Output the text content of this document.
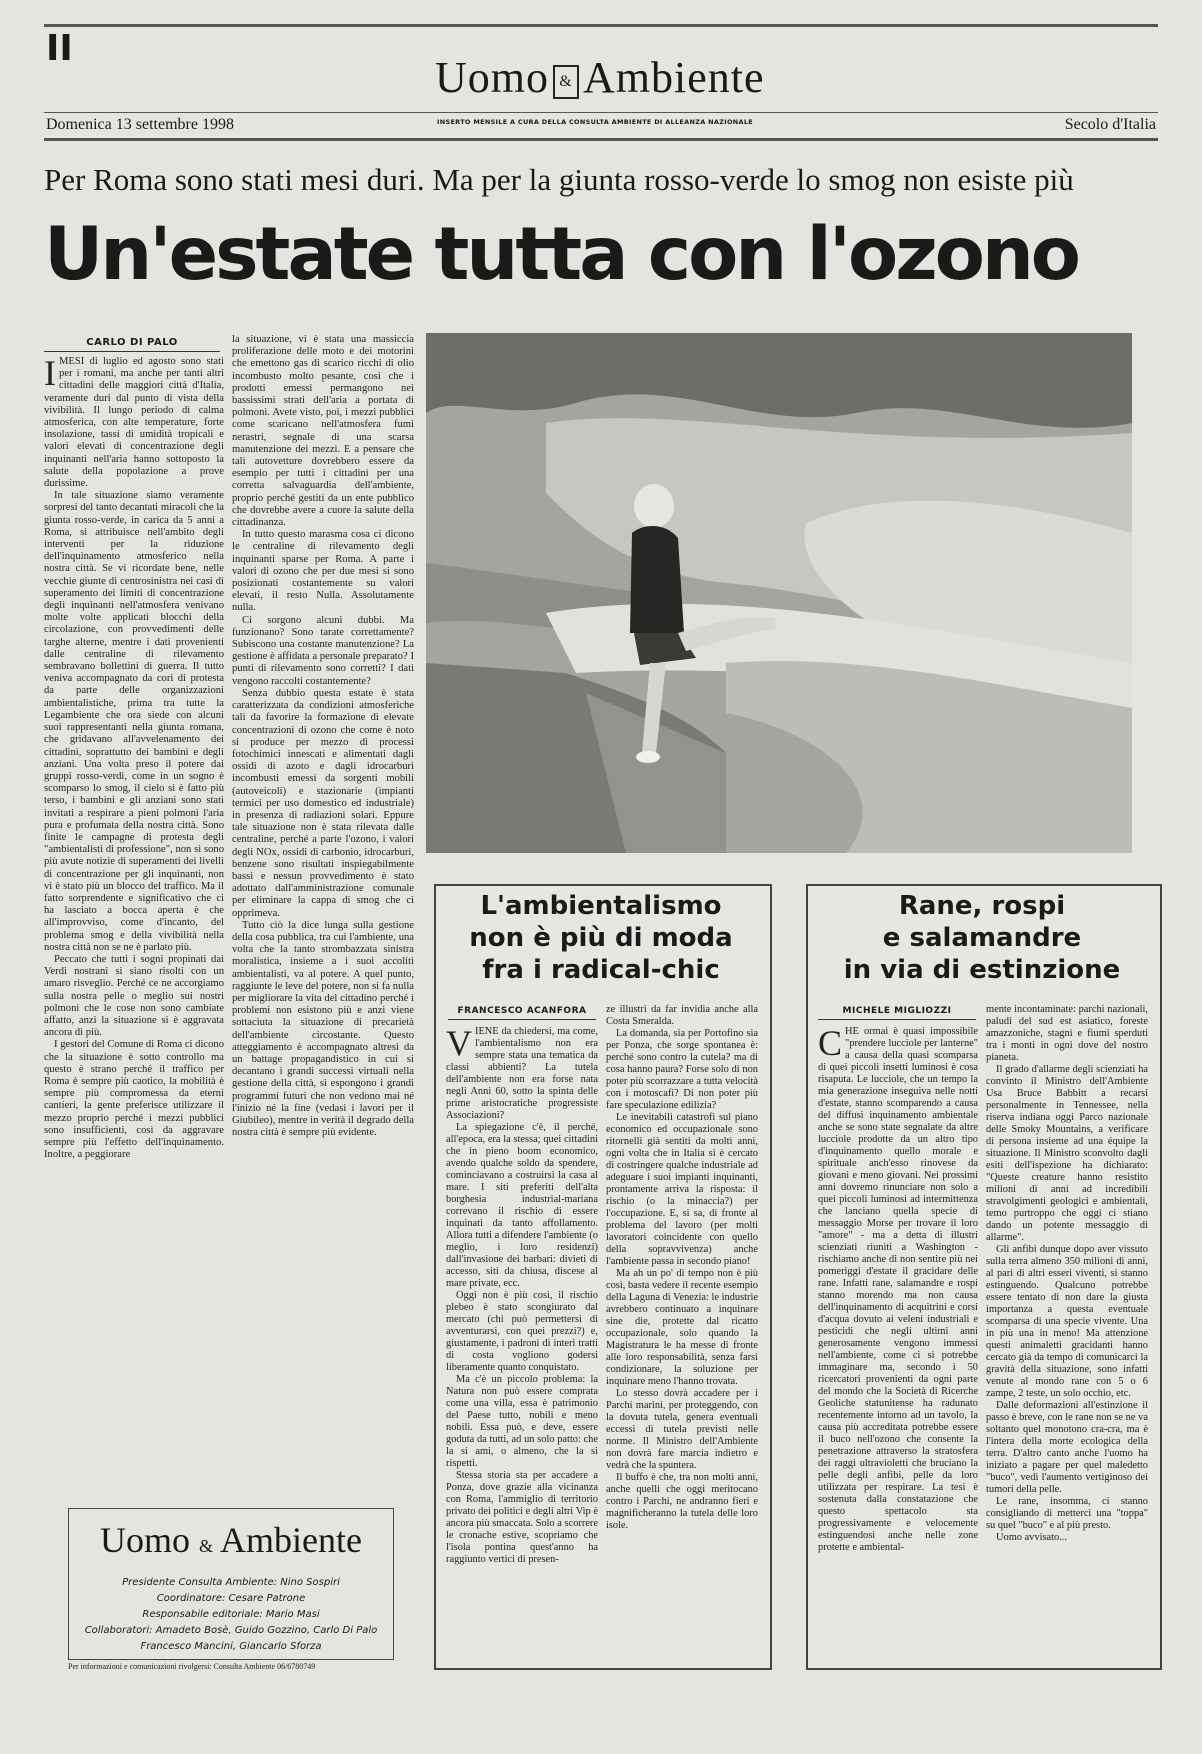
II
Uomo & Ambiente
INSERTO MENSILE A CURA DELLA CONSULTA AMBIENTE DI ALLEANZA NAZIONALE
Domenica 13 settembre 1998	Secolo d'Italia
Per Roma sono stati mesi duri. Ma per la giunta rosso-verde lo smog non esiste più
Un'estate tutta con l'ozono
CARLO DI PALO

IMESI di luglio ed agosto sono stati per i romani, ma anche per tanti altri cittadini delle maggiori città d'Italia, veramente duri dal punto di vista della vivibilità. Il lungo periodo di calma atmosferica, con alte temperature, forte insolazione, tassi di umidità tropicali e valori elevati di concentrazione degli inquinanti nell'aria hanno sottoposto la salute della popolazione a prove durissime.

In tale situazione siamo veramente sorpresi del tanto decantati miracoli che la giunta rosso-verde, in carica da 5 anni a Roma, si attribuisce nell'ambito degli interventi per la riduzione dell'inquinamento atmosferico nella nostra città. Se vi ricordate bene, nelle vecchie giunte di centrosinistra nei casi di superamento dei limiti di concentrazione degli inquinanti nell'atmosfera venivano molte volte applicati blocchi della circolazione, con provvedimenti delle targhe alterne, mentre i dati provenienti dalle centraline di rilevamento sembravano bollettini di guerra. Il tutto veniva accompagnato da cori di protesta da parte delle organizzazioni ambientalistiche, prima tra tutte la Legambiente che ora siede con alcuni suoi rappresentanti nella giunta romana, che gridavano all'avvelenamento dei cittadini, soprattutto dei bambini e degli anziani. Una volta preso il potere dai gruppi rosso-verdi, come in un sogno è scomparso lo smog, il cielo si è fatto più terso, i bambini e gli anziani sono stati invitati a respirare a pieni polmoni l'aria pura e profumata della nostra città. Sono finite le campagne di protesta degli "ambientalisti di professione", non si sono più avute notizie di superamenti dei livelli di concentrazione per gli inquinanti, non vi è stato più un blocco del traffico. Ma il fatto sorprendente e significativo che ci ha lasciato a bocca aperta è che all'improvviso, come d'incanto, del problema smog e della vivibilità nella nostra città non se ne è parlato più.

Peccato che tutti i sogni propinati dai Verdi nostrani si siano risolti con un amaro risveglio. Perché ce ne accorgiamo sulla nostra pelle o meglio sui nostri polmoni che le cose non sono cambiate affatto, anzi la situazione si è aggravata ancora di più.

I gestori del Comune di Roma ci dicono che la situazione è sotto controllo ma questo è strano perché il traffico per Roma è sempre più caotico, la mobilità è sempre più compromessa da eterni cantieri, la gente preferisce utilizzare il mezzo proprio perché i mezzi pubblici sono insufficienti, così da aggravare sempre più l'effetto dell'inquinamento. Inoltre, a peggiorare

la situazione, vi è stata una massiccia proliferazione delle moto e dei motorini che emettono gas di scarico ricchi di olio incombusto molto pesante, così che i prodotti emessi permangono nei bassissimi strati dell'aria a portata di polmoni. Avete visto, poi, i mezzi pubblici come scaricano nell'atmosfera fumi nerastri, segnale di una scarsa manutenzione dei mezzi. E a pensare che tali autovetture dovrebbero essere da esempio per tutti i cittadini per una corretta salvaguardia dell'ambiente, proprio perché gestiti da un ente pubblico che dovrebbe avere a cuore la salute della cittadinanza.

In tutto questo marasma cosa ci dicono le centraline di rilevamento degli inquinanti sparse per Roma. A parte i valori di ozono che per due mesi si sono posizionati costantemente su valori elevati, il resto Nulla. Assolutamente nulla.

Ci sorgono alcuni dubbi. Ma funzionano? Sono tarate correttamente? Subiscono una costante manutenzione? La gestione è affidata a personale preparato? I punti di rilevamento sono corretti? I dati vengono raccolti costantemente?

Senza dubbio questa estate è stata caratterizzata da condizioni atmosferiche tali da favorire la formazione di elevate concentrazioni di ozono che come è noto si produce per mezzo di processi fotochimici innescati e alimentati dagli ossidi di azoto e dagli idrocarburi incombusti emessi da sorgenti mobili (autoveicoli) e stazionarie (impianti termici per uso domestico ed industriale) in presenza di radiazioni solari. Eppure tale situazione non è stata rilevata dalle centraline, perché a parte l'ozono, i valori degli NOx, ossidi di carbonio, idrocarburi, benzene sono risultati inspiegabilmente bassi e nessun provvedimento è stato adottato dall'amministrazione comunale per eliminare la cappa di smog che ci opprimeva.

Tutto ciò la dice lunga sulla gestione della cosa pubblica, tra cui l'ambiente, una volta che la tanto strombazzata sinistra moralistica, insieme a i suoi accoliti ambientalisti, va al potere. A quel punto, raggiunte le leve del potere, non si fa nulla per migliorare la vita del cittadino perché i problemi non esistono più e anzi viene sottaciuta la situazione di precarietà dell'ambiente circostante. Questo atteggiamento è accompagnato altresì da un battage propagandistico in cui si decantano i grandi successi virtuali nella gestione della città, si espongono i grandi programmi futuri che non vedono mai né l'inizio né la fine (vedasi i lavori per il Giubileo), mentre in verità il degrado della nostra città è sempre più evidente.

L'ambientalismo
non è più di moda
fra i radical-chic
FRANCESCO ACANFORA

VIENE da chiedersi, ma come, l'ambientalismo non era sempre stata una tematica da classi abbienti? La tutela dell'ambiente non era forse nata negli Anni 60, sotto la spinta delle prime aristocratiche progressiste Associazioni?

La spiegazione c'è, il perché, all'epoca, era la stessa; quei cittadini che in pieno boom economico, avendo qualche soldo da spendere, cominciavano a costruirsi la casa al mare. I siti preferiti dell'alta borghesia industrial-mariana correvano il rischio di essere inquinati da tanto affollamento. Allora tutti a difendere l'ambiente (o meglio, i loro residenzi) dall'invasione dei barbari: divieti di accesso, siti da chiusa, discese al mare private, ecc.

Oggi non è più così, il rischio plebeo è stato scongiurato dal mercato (chi può permettersi di avventurarsi, con quei prezzi?) e, giustamente, i padroni di interi tratti di costa vogliono godersi liberamente quanto conquistato.

Ma c'è un piccolo problema: la Natura non può essere comprata come una villa, essa è patrimonio del Paese tutto, nobili e meno nobili. Essa può, e deve, essere goduta da tutti, ad un solo patto: che la si ami, o almeno, che la si rispetti.

Stessa storia sta per accadere a Ponza, dove grazie alla vicinanza con Roma, l'ammiglio di territorio privato dei politici e degli altri Vip è ancora più smaccata. Solo a scorrere le cronache estive, scopriamo che l'isola pontina quest'anno ha raggiunto vertici di presen-

ze illustri da far invidia anche alla Costa Smeralda.

La domanda, sia per Portofino sia per Ponza, che sorge spontanea è: perché sono contro la cutela? ma di cosa hanno paura? Forse solo di non poter più scorrazzare a tutta velocità con i motoscafi? Di non poter più fare speculazione edilizia?

Le inevitabili catastrofi sul piano economico ed occupazionale sono ritornelli già sentiti da molti anni, ogni volta che in Italia si è cercato di costringere qualche industriale ad adeguare i suoi impianti inquinanti, prontamente arriva la risposta: il rischio (o la minaccia?) per l'occupazione. E, si sa, di fronte al problema del lavoro (per molti lavoratori coincidente con quello della sopravvivenza) anche l'ambiente passa in secondo piano!

Ma ah un po' di tempo non è più così, basta vedere il recente esempio della Laguna di Venezia: le industrie avrebbero continuato a inquinare sine die, protette dal ricatto occupazionale, solo quando la Magistratura le ha messe di fronte alle loro responsabilità, senza farsi condizionare, la soluzione per inquinare meno l'hanno trovata.

Lo stesso dovrà accadere per i Parchi marini, per proteggendo, con la dovuta tutela, genera eventuali eccessi di tutela previsti nelle norme. Il Ministro dell'Ambiente non dovrà fare marcia indietro e vedrà che la spuntera.

Il buffo è che, tra non molti anni, anche quelli che oggi meritocano contro i Parchi, ne andranno fieri e magnificheranno la tutela delle loro isole.

Rane, rospi
e salamandre
in via di estinzione
MICHELE MIGLIOZZI

CHE ormai è quasi impossibile "prendere lucciole per lanterne" a causa della quasi scomparsa di quei piccoli insetti luminosi è cosa risaputa. Le lucciole, che un tempo la mia generazione inseguiva nelle notti d'estate, stanno scomparendo a causa del diffusi inquinamento ambientale anche se sono state segnalate da altre lucciole prodotte da un altro tipo d'inquinamento quello morale e spirituale anch'esso rinovese da giovani e meno giovani. Nei prossimi anni dovremo rinunciare non solo a quei piccoli luminosi ad intermittenza che lanciano quella specie di messaggio Morse per trovare il loro "amore" - ma a detta di illustri scienziati riuniti a Washington - rischiamo anche di non sentire più nei pomeriggi d'estate il gracidare delle rane. Infatti rane, salamandre e rospi stanno morendo ma non causa dell'inquinamento di acquitrini e corsi d'acqua dovuto ai veleni industriali e pesticidi che negli ultimi anni generosamente vengono immessi nell'ambiente, come ci si potrebbe immaginare ma, secondo i 50 ricercatori provenienti da ogni parte del mondo che la Società di Ricerche Geoliche statunitense ha radunato recentemente intorno ad un tavolo, la causa più accreditata potrebbe essere il buco nell'ozono che consente la penetrazione attraverso la stratosfera dei raggi ultravioletti che bruciano la pelle degli anfibi, pelle da loro utilizzata per respirare. La tesi è sostenuta dalla constatazione che questo spettacolo sta progressivamente e velocemente estinguendosi anche nelle zone protette e ambiental-

mente incontaminate: parchi nazionali, paludi del sud est asiatico, foreste amazzoniche, stagni e fiumi sperduti tra i monti in ogni dove del nostro pianeta.

Il grado d'allarme degli scienziati ha convinto il Ministro dell'Ambiente Usa Bruce Babbitt a recarsi personalmente in Tennessee, nella riserva indiana oggi Parco nazionale delle Smoky Mountains, a verificare di persona insieme ad una équipe la situazione. Il Ministro sconvolto dagli esiti dell'ispezione ha dichiarato: "Queste creature hanno resistito milioni di anni ad incredibili stravolgimenti geologici e ambientali, temo purtroppo che oggi ci stiano dando un potente messaggio di allarme".

Gli anfibi dunque dopo aver vissuto sulla terra almeno 350 milioni di anni, al pari di altri esseri viventi, si stanno estinguendo. Qualcuno potrebbe essere tentato di non dare la giusta importanza a questa eventuale scomparsa di una specie vivente. Una in più una in meno! Ma attenzione questi animaletti gracidanti hanno cercato già da tempo di comunicarci la gravità della situazione, sono infatti venute al mondo rane con 5 o 6 zampe, 2 teste, un solo occhio, etc.

Dalle deformazioni all'estinzione il passo è breve, con le rane non se ne va soltanto quel monotono cra-cra, ma è l'intera della morte ecologica della terra. D'altro canto anche l'uomo ha iniziato a pagare per quel maledetto "buco", vedi l'aumento vertiginoso dei tumori della pelle.

Le rane, insomma, ci stanno consigliando di metterci una "toppa" su quel "buco" e al più presto.

Uomo avvisato...

Uomo & Ambiente
Presidente Consulta Ambiente: Nino Sospiri
Coordinatore: Cesare Patrone
Responsabile editoriale: Mario Masi
Collaboratori: Amadeto Bosè, Guido Gozzino, Carlo Di Palo
Francesco Mancini, Giancarlo Sforza
Per informazioni e comunicazioni rivolgersi: Consulta Ambiente 06/6780749
